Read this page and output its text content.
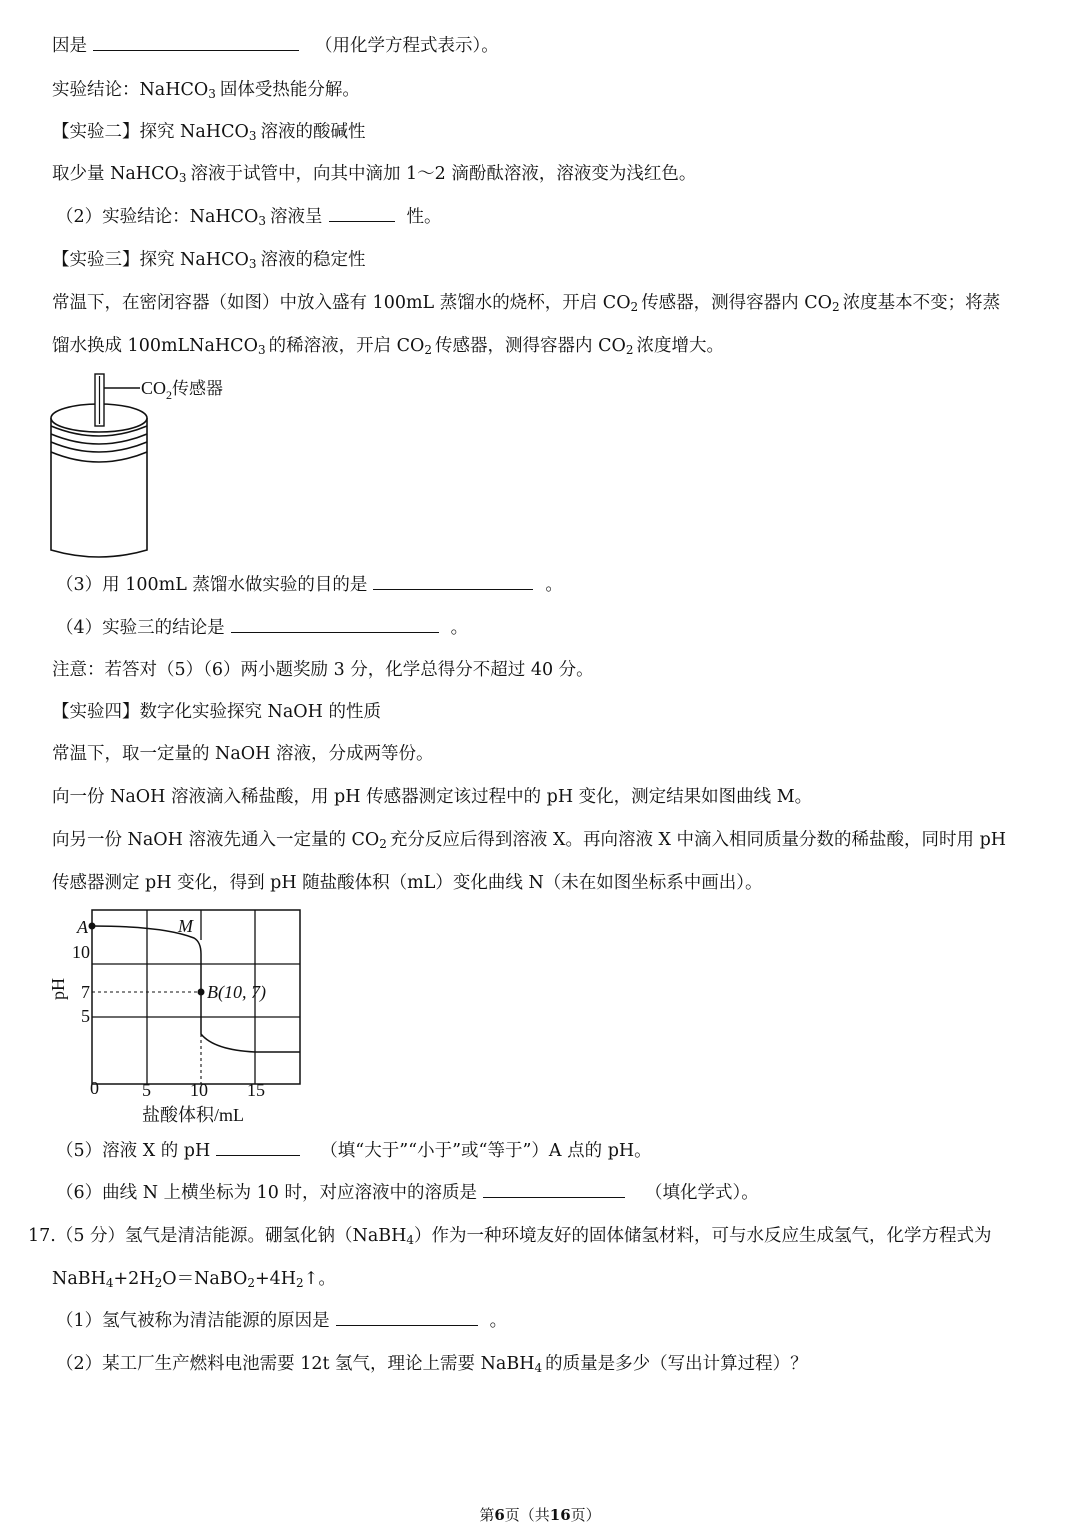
因是	（用化学方程式表示）。
实验结论：NaHCO$_3$ 固体受热能分解。
【实验二】探究 NaHCO$_3$ 溶液的酸碱性
取少量 NaHCO$_3$ 溶液于试管中，向其中滴加 1～2 滴酚酞溶液，溶液变为浅红色。
（2）实验结论：NaHCO$_3$ 溶液呈	性。
【实验三】探究 NaHCO$_3$ 溶液的稳定性
常温下，在密闭容器（如图）中放入盛有 100mL 蒸馏水的烧杯，开启 $CO_2$ 传感器，测得容器内 $CO_2$ 浓度基本不变；将蒸
馏水换成 100mLNaHCO$_3$ 的稀溶液，开启 $CO_2$ 传感器，测得容器内 $CO_2$ 浓度增大。
$CO_2$传感器
（3）用 100mL 蒸馏水做实验的目的是	。
（4）实验三的结论是	。
注意：若答对（5）（6）两小题奖励 3 分，化学总得分不超过 40 分。
【实验四】数字化实验探究 NaOH 的性质
常温下，取一定量的 NaOH 溶液，分成两等份。
向一份 NaOH 溶液滴入稀盐酸，用 pH 传感器测定该过程中的 pH 变化，测定结果如图曲线 M。
向另一份 NaOH 溶液先通入一定量的 $CO_2$ 充分反应后得到溶液 X。再向溶液 X 中滴入相同质量分数的稀盐酸，同时用 pH
传感器测定 pH 变化，得到 pH 随盐酸体积（mL）变化曲线 N（未在如图坐标系中画出）。
A	M
B(10, 7)
10
7
5
pH
0 5 10 15
盐酸体积/mL
（5）溶液 X 的 pH	（填“大于”“小于”或“等于”）A 点的 pH。
（6）曲线 N 上横坐标为 10 时，对应溶液中的溶质是	（填化学式）。
17.（5 分）氢气是清洁能源。硼氢化钠（NaBH$_4$）作为一种环境友好的固体储氢材料，可与水反应生成氢气，化学方程式为
$NaBH_4+2H_2O=NaBO_2+4H_2↑$。
（1）氢气被称为清洁能源的原因是	。
（2）某工厂生产燃料电池需要 12t 氢气，理论上需要 NaBH$_4$ 的质量是多少（写出计算过程）？
第6页（共16页）
